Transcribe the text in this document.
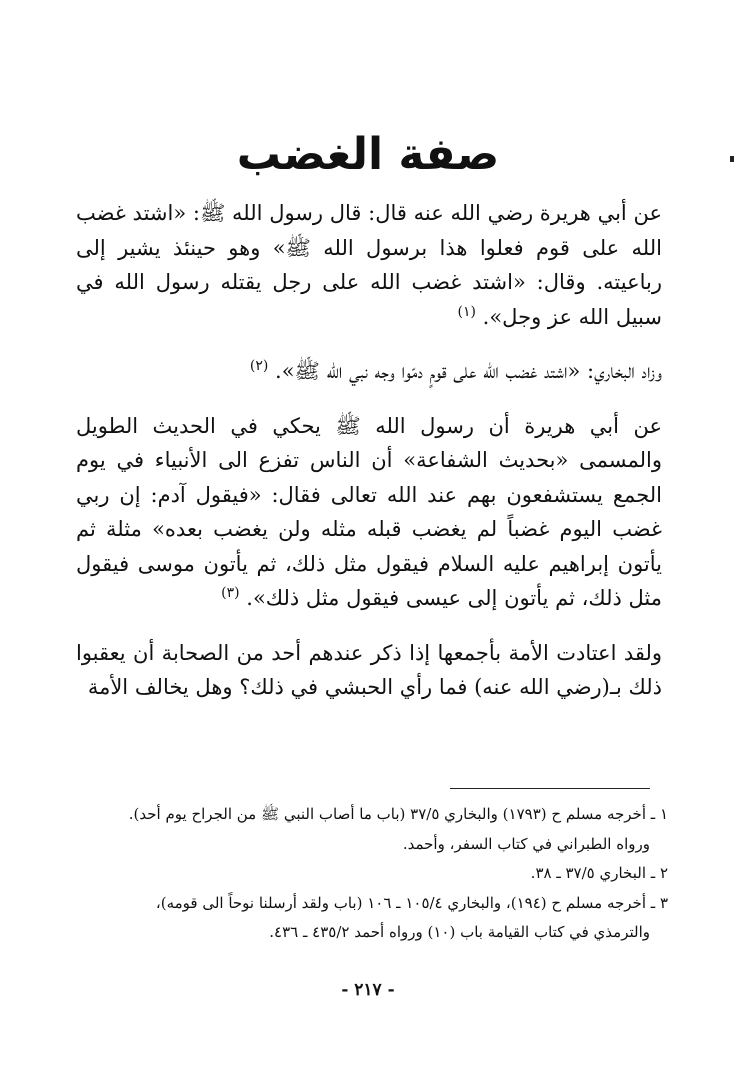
صفة الغضب

عن أبي هريرة رضي الله عنه قال: قال رسول الله ﷺ: «اشتد غضب الله على قوم فعلوا هذا برسول الله ﷺ» وهو حينئذ يشير إلى رباعيته. وقال: «اشتد غضب الله على رجل يقتله رسول الله في سبيل الله عز وجل». $^{(١)}$

وزاد البخاري: «اشتد غضب الله على قومٍ دمّوا وجه نبي الله ﷺ». $^{(٢)}$

عن أبي هريرة أن رسول الله ﷺ يحكي في الحديث الطويل والمسمى «بحديث الشفاعة» أن الناس تفزع الى الأنبياء في يوم الجمع يستشفعون بهم عند الله تعالى فقال: «فيقول آدم: إن ربي غضب اليوم غضباً لم يغضب قبله مثله ولن يغضب بعده» مثلة ثم يأتون إبراهيم عليه السلام فيقول مثل ذلك، ثم يأتون موسى فيقول مثل ذلك، ثم يأتون إلى عيسى فيقول مثل ذلك». $^{(٣)}$

ولقد اعتادت الأمة بأجمعها إذا ذكر عندهم أحد من الصحابة أن يعقبوا ذلك بـ(رضي الله عنه) فما رأي الحبشي في ذلك؟ وهل يخالف الأمة

١ ـ أخرجه مسلم ح (١٧٩٣) والبخاري ٣٧/٥ (باب ما أصاب النبي ﷺ من الجراح يوم أحد).

ورواه الطبراني في كتاب السفر، وأحمد.

٢ ـ البخاري ٣٧/٥ ـ ٣٨.

٣ ـ أخرجه مسلم ح (١٩٤)، والبخاري ١٠٥/٤ ـ ١٠٦ (باب ولقد أرسلنا نوحاً الى قومه)،

والترمذي في كتاب القيامة باب (١٠) ورواه أحمد ٤٣٥/٢ ـ ٤٣٦.

- ٢١٧ -
